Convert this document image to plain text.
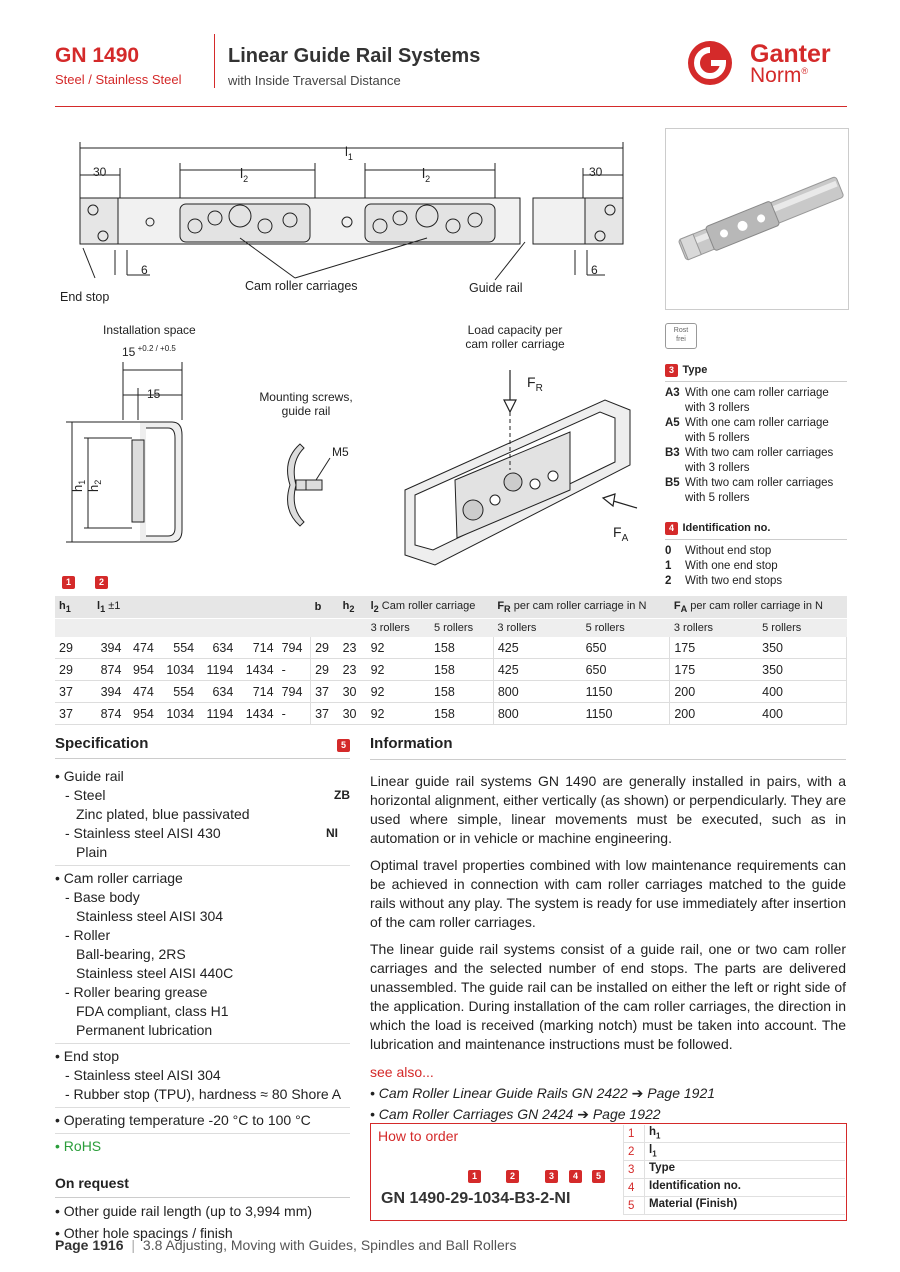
GN 1490
Steel / Stainless Steel
Linear Guide Rail Systems
with Inside Traversal Distance
Ganter
Norm®
$l_1$
30	30
$l_2$	$l_2$
6	6
End stop
Cam roller carriages	Guide rail
Installation space
15 $^{+0.2 / +0.5}$
15
$h_1$
$h_2$
Mounting screws,
guide rail
M5
Load capacity per
cam roller carriage
$F_R$
$F_A$
Rost
frei
3 Type
A3 With one cam roller carriage
with 3 rollers
A5 With one cam roller carriage
with 5 rollers
B3 With two cam roller carriages
with 3 rollers
B5 With two cam roller carriages
with 5 rollers
4 Identification no.
0 Without end stop
1 With one end stop
2 With two end stops
1	2
$h_1$	$l_1 \pm 1$						b	$h_2$	$l_2$ Cam roller carriage		$F_R$ per cam roller carriage in N		$F_A$ per cam roller carriage in N	
									3 rollers	5 rollers	3 rollers	5 rollers	3 rollers	5 rollers
29	394	474	554	634	714	794	29	23	92	158	425	650	175	350
29	874	954	1034	1194	1434	-	29	23	92	158	425	650	175	350
37	394	474	554	634	714	794	37	30	92	158	800	1150	200	400
37	874	954	1034	1194	1434	-	37	30	92	158	800	1150	200	400
Specification	5
• Guide rail
- Steel	ZB
Zinc plated, blue passivated
- Stainless steel AISI 430	NI
Plain
• Cam roller carriage
- Base body
Stainless steel AISI 304
- Roller
Ball-bearing, 2RS
Stainless steel AISI 440C
- Roller bearing grease
FDA compliant, class H1
Permanent lubrication
• End stop
- Stainless steel AISI 304
- Rubber stop (TPU), hardness ≈ 80 Shore A
• Operating temperature -20 °C to 100 °C
• RoHS
On request
• Other guide rail length (up to 3,994 mm)
• Other hole spacings / finish
Information

Linear guide rail systems GN 1490 are generally installed in pairs, with a horizontal alignment, either vertically (as shown) or perpendicularly. They are used where simple, linear movements must be executed, such as in automation or in vehicle or machine engineering.

Optimal travel properties combined with low maintenance requirements can be achieved in connection with cam roller carriages matched to the guide rails without any play. The system is ready for use immediately after insertion of the cam roller carriages.

The linear guide rail systems consist of a guide rail, one or two cam roller carriages and the selected number of end stops. The parts are delivered unassembled. The guide rail can be installed on either the left or right side of the application. During installation of the cam roller carriages, the direction in which the load is received (marking notch) must be taken into account. The lubrication and maintenance instructions must be followed.

see also...
• Cam Roller Linear Guide Rails GN 2422 ➔ Page 1921
• Cam Roller Carriages GN 2424 ➔ Page 1922
How to order
1	2	3	4	5
GN 1490-29-1034-B3-2-NI
1	$h_1$
2	$l_1$
3	Type
4	Identification no.
5	Material (Finish)
Page 1916 | 3.8 Adjusting, Moving with Guides, Spindles and Ball Rollers
